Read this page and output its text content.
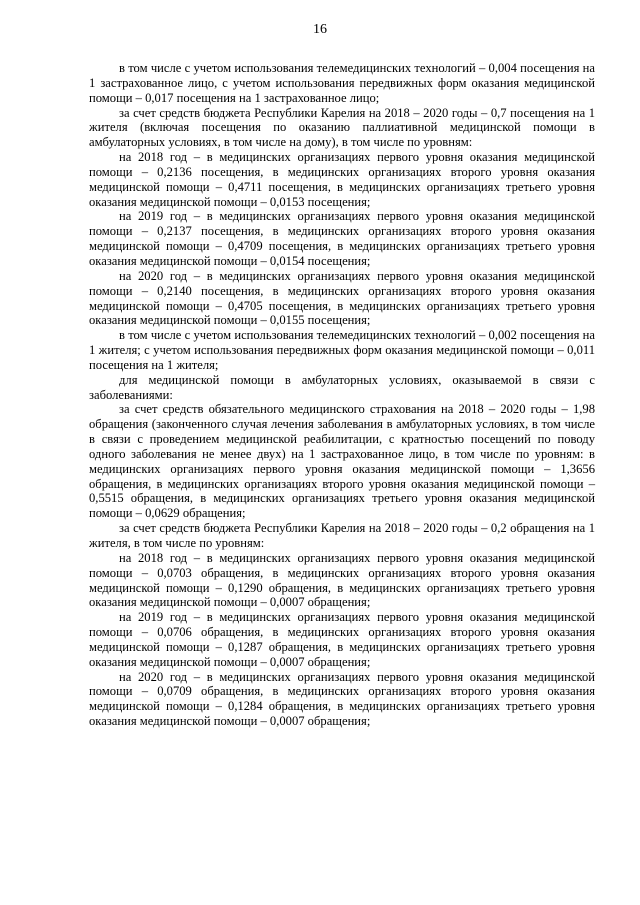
16

в том числе с учетом использования телемедицинских технологий – 0,004 посещения на 1 застрахованное лицо, с учетом использования передвижных форм оказания медицинской помощи – 0,017 посещения на 1 застрахованное лицо;

за счет средств бюджета Республики Карелия на 2018 – 2020 годы – 0,7 посещения на 1 жителя (включая посещения по оказанию паллиативной медицинской помощи в амбулаторных условиях, в том числе на дому), в том числе по уровням:

на 2018 год – в медицинских организациях первого уровня оказания медицинской помощи – 0,2136 посещения, в медицинских организациях второго уровня оказания медицинской помощи – 0,4711 посещения, в медицинских организациях третьего уровня оказания медицинской помощи – 0,0153 посещения;

на 2019 год – в медицинских организациях первого уровня оказания медицинской помощи – 0,2137 посещения, в медицинских организациях второго уровня оказания медицинской помощи – 0,4709 посещения, в медицинских организациях третьего уровня оказания медицинской помощи – 0,0154 посещения;

на 2020 год – в медицинских организациях первого уровня оказания медицинской помощи – 0,2140 посещения, в медицинских организациях второго уровня оказания медицинской помощи – 0,4705 посещения, в медицинских организациях третьего уровня оказания медицинской помощи – 0,0155 посещения;

в том числе с учетом использования телемедицинских технологий – 0,002 посещения на 1 жителя; с учетом использования передвижных форм оказания медицинской помощи – 0,011 посещения на 1 жителя;

для медицинской помощи в амбулаторных условиях, оказываемой в связи с заболеваниями:

за счет средств обязательного медицинского страхования на 2018 – 2020 годы – 1,98 обращения (законченного случая лечения заболевания в амбулаторных условиях, в том числе в связи с проведением медицинской реабилитации, с кратностью посещений по поводу одного заболевания не менее двух) на 1 застрахованное лицо, в том числе по уровням: в медицинских организациях первого уровня оказания медицинской помощи – 1,3656 обращения, в медицинских организациях второго уровня оказания медицинской помощи – 0,5515 обращения, в медицинских организациях третьего уровня оказания медицинской помощи – 0,0629 обращения;

за счет средств бюджета Республики Карелия на 2018 – 2020 годы – 0,2 обращения на 1 жителя, в том числе по уровням:

на 2018 год – в медицинских организациях первого уровня оказания медицинской помощи – 0,0703 обращения, в медицинских организациях второго уровня оказания медицинской помощи – 0,1290 обращения, в медицинских организациях третьего уровня оказания медицинской помощи – 0,0007 обращения;

на 2019 год – в медицинских организациях первого уровня оказания медицинской помощи – 0,0706 обращения, в медицинских организациях второго уровня оказания медицинской помощи – 0,1287 обращения, в медицинских организациях третьего уровня оказания медицинской помощи – 0,0007 обращения;

на 2020 год – в медицинских организациях первого уровня оказания медицинской помощи – 0,0709 обращения, в медицинских организациях второго уровня оказания медицинской помощи – 0,1284 обращения, в медицинских организациях третьего уровня оказания медицинской помощи – 0,0007 обращения;
